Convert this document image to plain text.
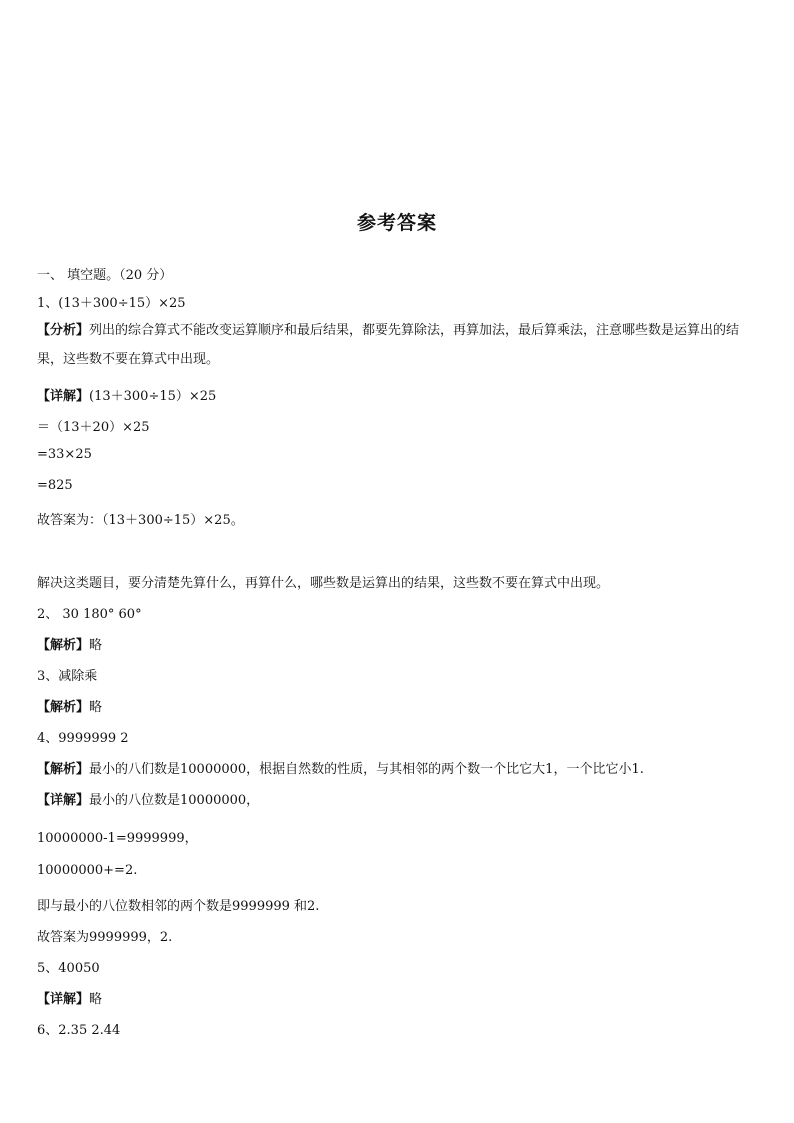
参考答案
一、 填空题。（20 分）
1、(13＋300÷15）×25
【分析】列出的综合算式不能改变运算顺序和最后结果，都要先算除法，再算加法，最后算乘法，注意哪些数是运算出的结果，这些数不要在算式中出现。
【详解】(13＋300÷15）×25
＝（13＋20）×25
=33×25
=825
故答案为：（13＋300÷15）×25。
解决这类题目，要分清楚先算什么，再算什么，哪些数是运算出的结果，这些数不要在算式中出现。
2、 30 180° 60°
【解析】略
3、减除乘
【解析】略
4、9999999 2
【解析】最小的八们数是10000000，根据自然数的性质，与其相邻的两个数一个比它大1，一个比它小1.
【详解】最小的八位数是10000000，
10000000-1=9999999，
10000000+=2.
即与最小的八位数相邻的两个数是9999999 和2.
故答案为9999999，2.
5、40050
【详解】略
6、2.35 2.44
